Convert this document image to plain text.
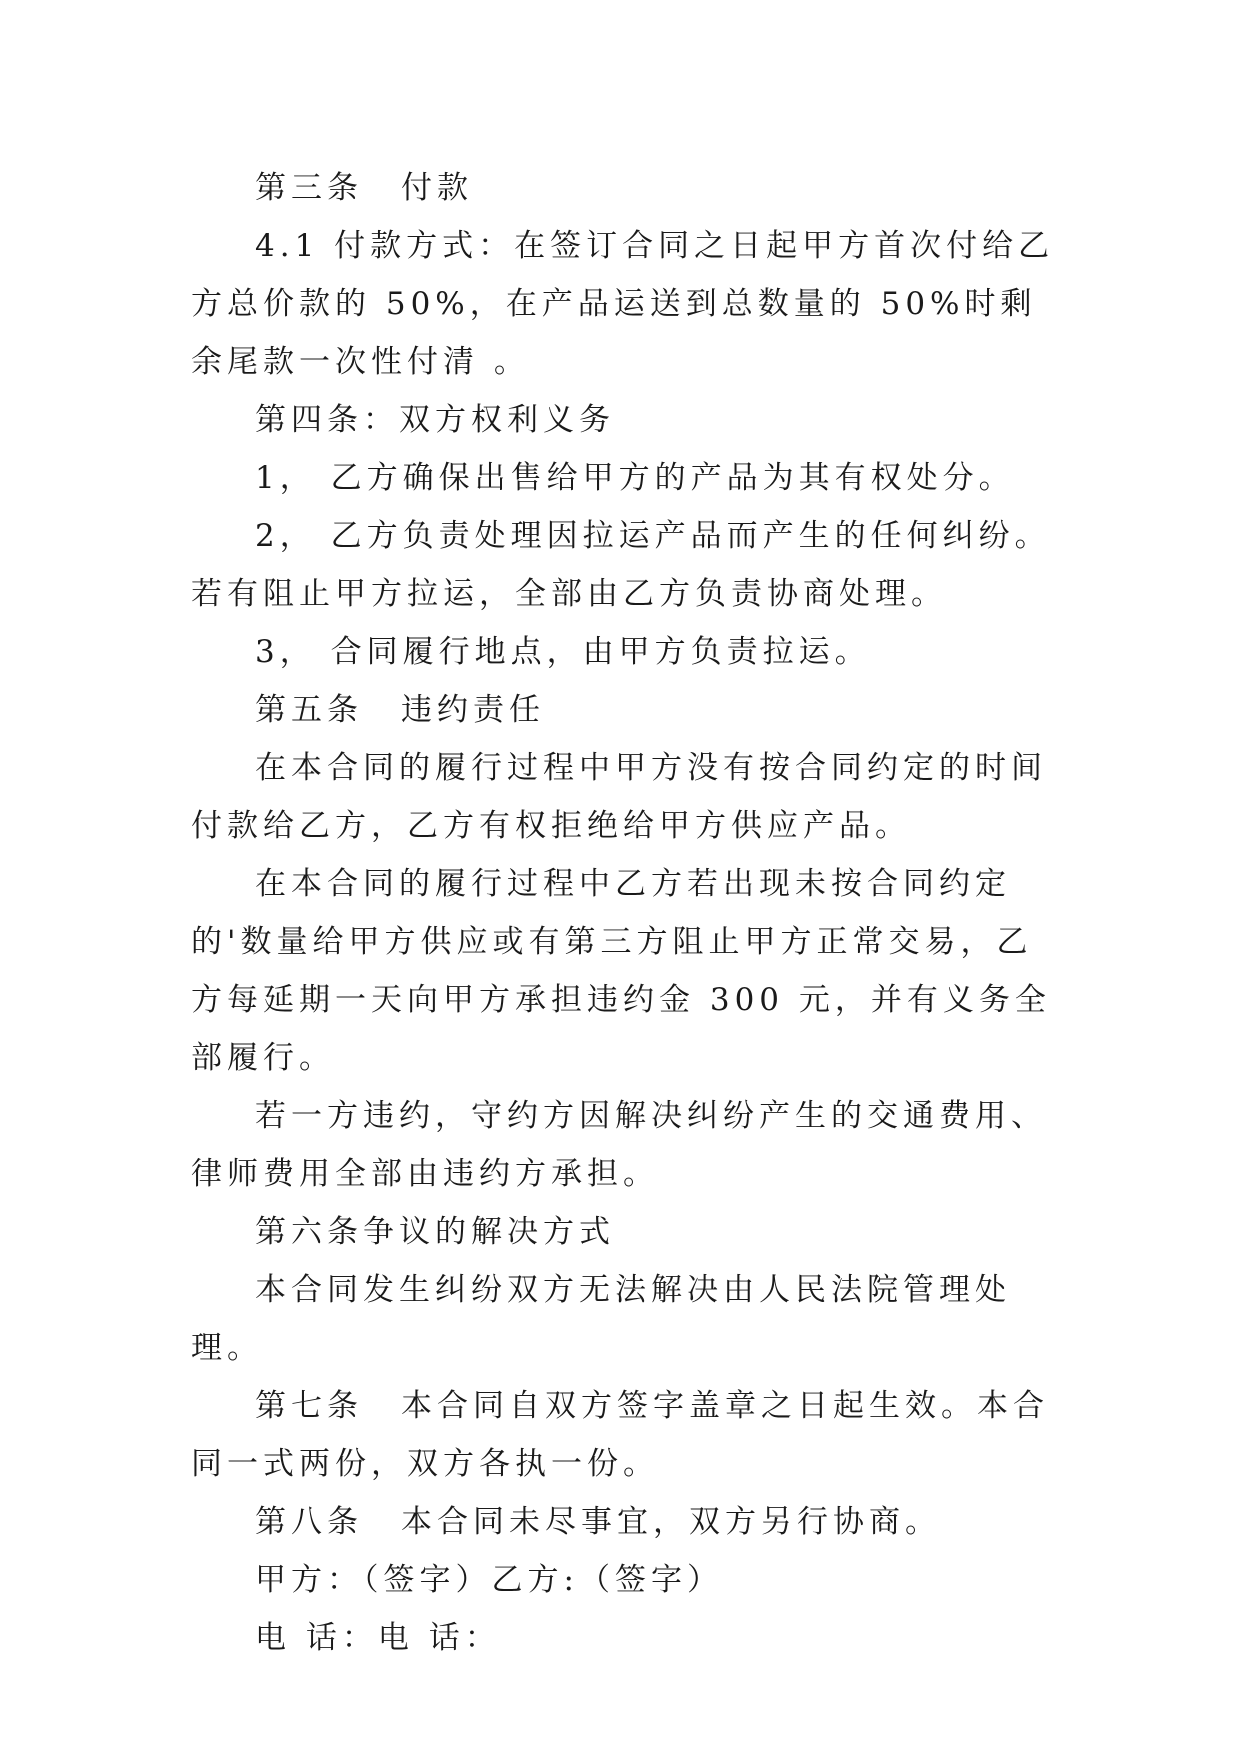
第三条 付款

4.1 付款方式：在签订合同之日起甲方首次付给乙方总价款的 50%，在产品运送到总数量的 50%时剩余尾款一次性付清 。

第四条：双方权利义务

1， 乙方确保出售给甲方的产品为其有权处分。

2， 乙方负责处理因拉运产品而产生的任何纠纷。若有阻止甲方拉运，全部由乙方负责协商处理。

3， 合同履行地点，由甲方负责拉运。

第五条 违约责任

在本合同的履行过程中甲方没有按合同约定的时间付款给乙方，乙方有权拒绝给甲方供应产品。

在本合同的履行过程中乙方若出现未按合同约定的'数量给甲方供应或有第三方阻止甲方正常交易，乙方每延期一天向甲方承担违约金 300 元，并有义务全部履行。

若一方违约，守约方因解决纠纷产生的交通费用、律师费用全部由违约方承担。

第六条争议的解决方式

本合同发生纠纷双方无法解决由人民法院管理处理。

第七条 本合同自双方签字盖章之日起生效。本合同一式两份，双方各执一份。

第八条 本合同未尽事宜，双方另行协商。

甲方：（签字）乙方:（签字）

电 话：电 话：
